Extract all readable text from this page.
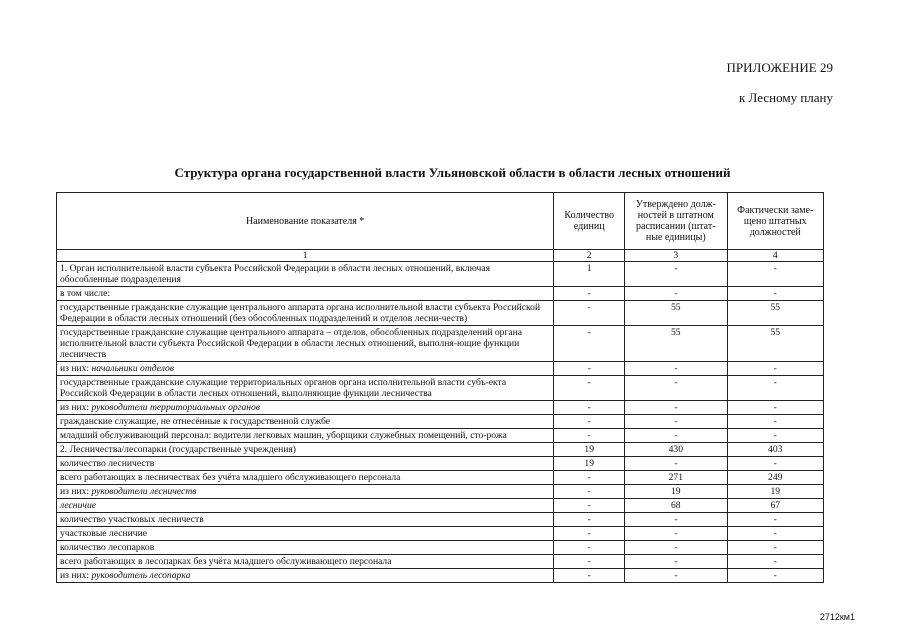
ПРИЛОЖЕНИЕ 29
к Лесному плану
Структура органа государственной власти Ульяновской области в области лесных отношений
Наименование показателя *	Количество единиц	Утверждено долж-ностей в штатном расписании (штат-ные единицы)	Фактически заме-щено штатных должностей
1	2	3	4
1. Орган исполнительной власти субъекта Российской Федерации в области лесных отношений, включая обособленные подразделения	1	-	-
в том числе:	-	-	-
государственные гражданские служащие центрального аппарата органа исполнительной власти субъекта Российской Федерации в области лесных отношений (без обособленных подразделений и отделов лесни-честв)	-	55	55
государственные гражданские служащие центрального аппарата – отделов, обособленных подразделений органа исполнительной власти субъекта Российской Федерации в области лесных отношений, выполня-ющие функции лесничеств	-	55	55
из них: начальники отделов	-	-	-
государственные гражданские служащие территориальных органов органа исполнительной власти субъ-екта Российской Федерации в области лесных отношений, выполняющие функции лесничества	-	-	-
из них: руководители территориальных органов	-	-	-
гражданские служащие, не отнесённые к государственной службе	-	-	-
младший обслуживающий персонал: водители легковых машин, уборщики служебных помещений, сто-рожа	-	-	-
2. Лесничества/лесопарки (государственные учреждения)	19	430	403
количество лесничеств	19	-	-
всего работающих в лесничествах без учёта младшего обслуживающего персонала	-	271	249
из них: руководители лесничеств	-	19	19
лесничие	-	68	67
количество участковых лесничеств	-	-	-
участковые лесничие	-	-	-
количество лесопарков	-	-	-
всего работающих в лесопарках без учёта младшего обслуживающего персонала	-	-	-
из них: руководитель лесопарка	-	-	-
2712км1
